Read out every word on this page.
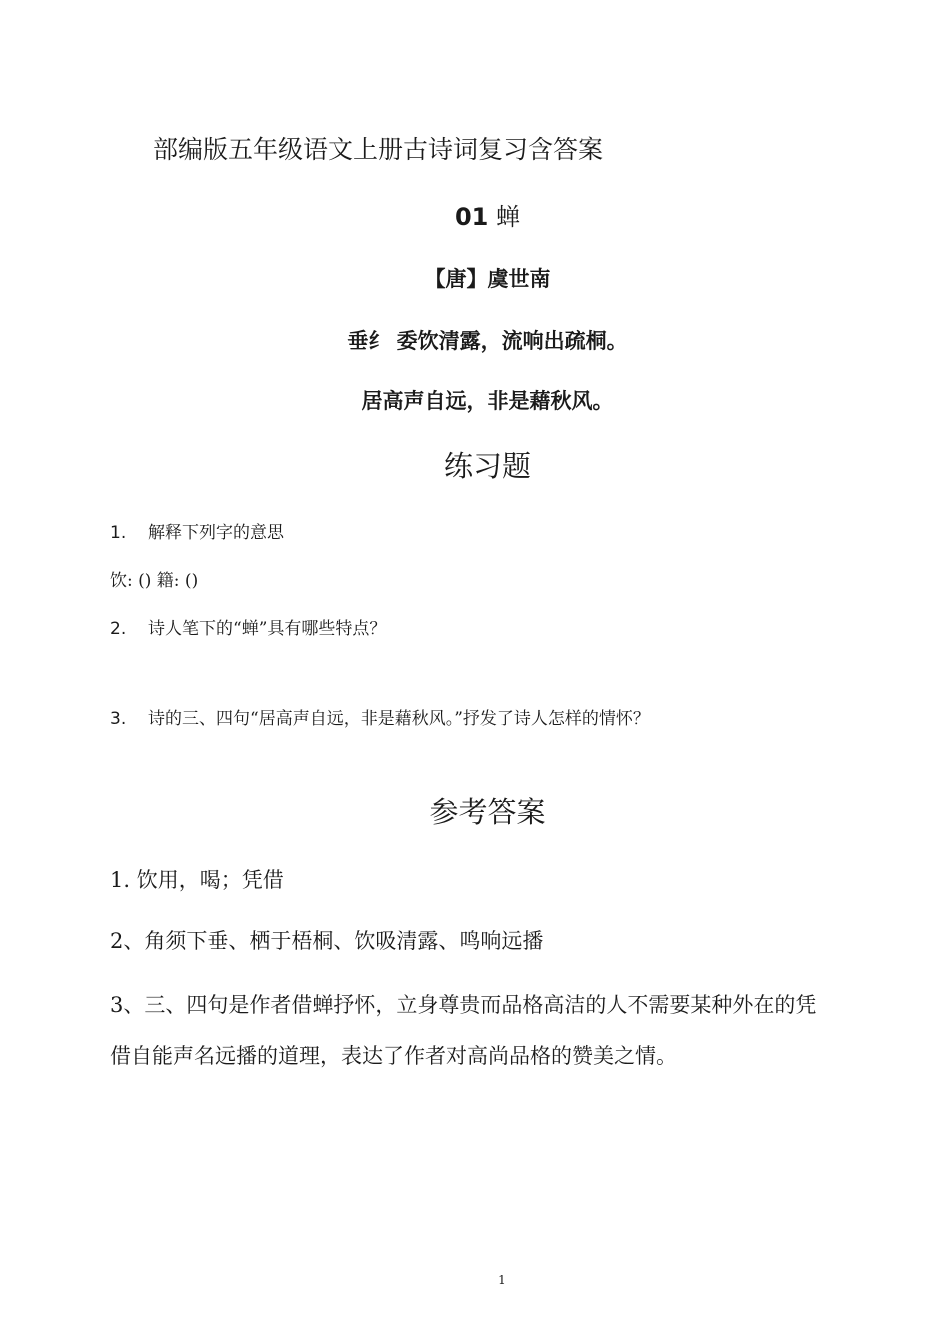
部编版五年级语文上册古诗词复习含答案
01 蝉
【唐】虞世南
垂纟 委饮清露，流响出疏桐。
居高声自远，非是藉秋风。
练习题
1. 解释下列字的意思
饮: () 籍: ()
2. 诗人笔下的“蝉”具有哪些特点？
3. 诗的三、四句“居高声自远，非是藉秋风。”抒发了诗人怎样的情怀？
参考答案
1. 饮用，喝；凭借
2、角须下垂、栖于梧桐、饮吸清露、鸣响远播
3、三、四句是作者借蝉抒怀，立身尊贵而品格高洁的人不需要某种外在的凭
借自能声名远播的道理，表达了作者对高尚品格的赞美之情。
1
